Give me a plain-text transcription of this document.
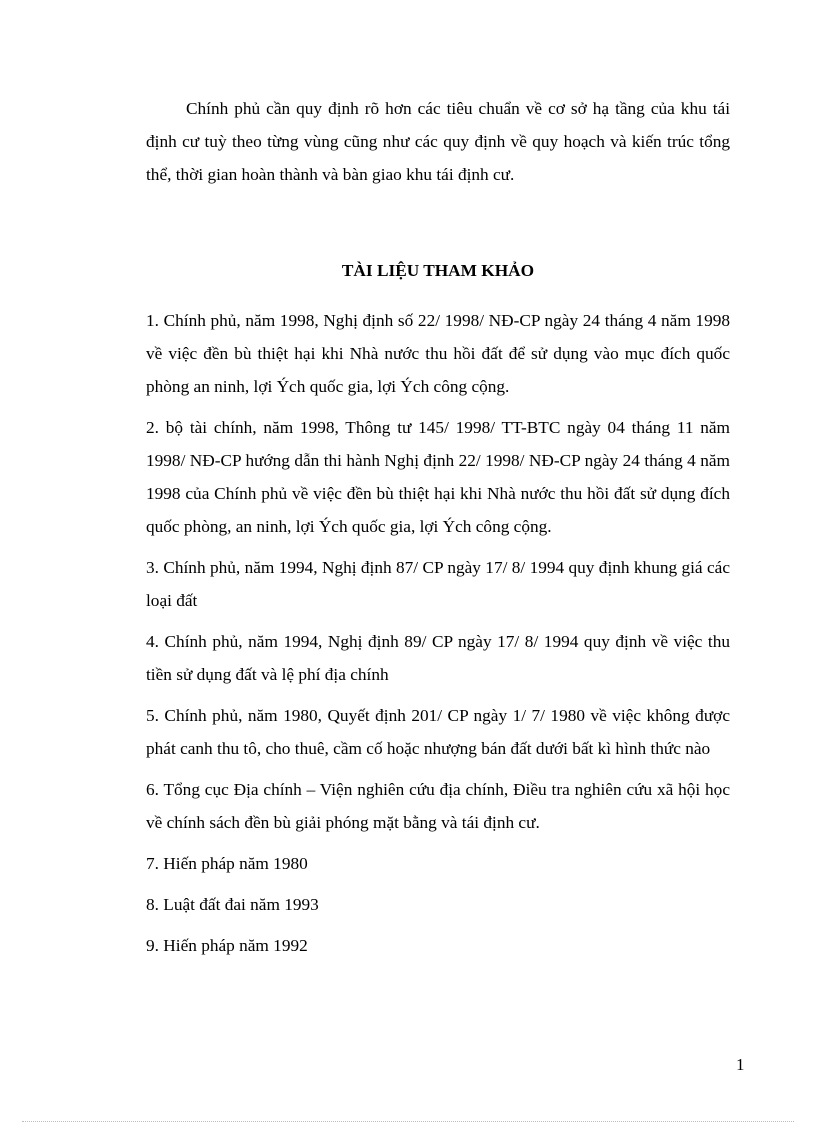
Chính phủ cần quy định rõ hơn các tiêu chuẩn về cơ sở hạ tầng của khu tái định cư tuỳ theo từng vùng cũng như các quy định về quy hoạch và kiến trúc tổng thể, thời gian hoàn thành và bàn giao khu tái định cư.

TÀI LIỆU THAM KHẢO
1. Chính phủ, năm 1998, Nghị định số 22/ 1998/ NĐ-CP ngày 24 tháng 4 năm 1998 về việc đền bù thiệt hại khi Nhà nước thu hồi đất để sử dụng vào mục đích quốc phòng an ninh, lợi Ých quốc gia, lợi Ých công cộng.
2. bộ tài chính, năm 1998, Thông tư 145/ 1998/ TT-BTC ngày 04 tháng 11 năm 1998/ NĐ-CP hướng dẫn thi hành Nghị định 22/ 1998/ NĐ-CP ngày 24 tháng 4 năm 1998 của Chính phủ về việc đền bù thiệt hại khi Nhà nước thu hồi đất sử dụng đích quốc phòng, an ninh, lợi Ých quốc gia, lợi Ých công cộng.
3. Chính phủ, năm 1994, Nghị định 87/ CP ngày 17/ 8/ 1994 quy định khung giá các loại đất
4. Chính phủ, năm 1994, Nghị định 89/ CP ngày 17/ 8/ 1994 quy định về việc thu tiền sử dụng đất và lệ phí địa chính
5. Chính phủ, năm 1980, Quyết định 201/ CP ngày 1/ 7/ 1980 về việc không được phát canh thu tô, cho thuê, cầm cố hoặc nhượng bán đất dưới bất kì hình thức nào
6. Tổng cục Địa chính – Viện nghiên cứu địa chính, Điều tra nghiên cứu xã hội học về chính sách đền bù giải phóng mặt bằng và tái định cư.
7. Hiến pháp năm 1980
8. Luật đất đai năm 1993
9. Hiến pháp năm 1992
1
